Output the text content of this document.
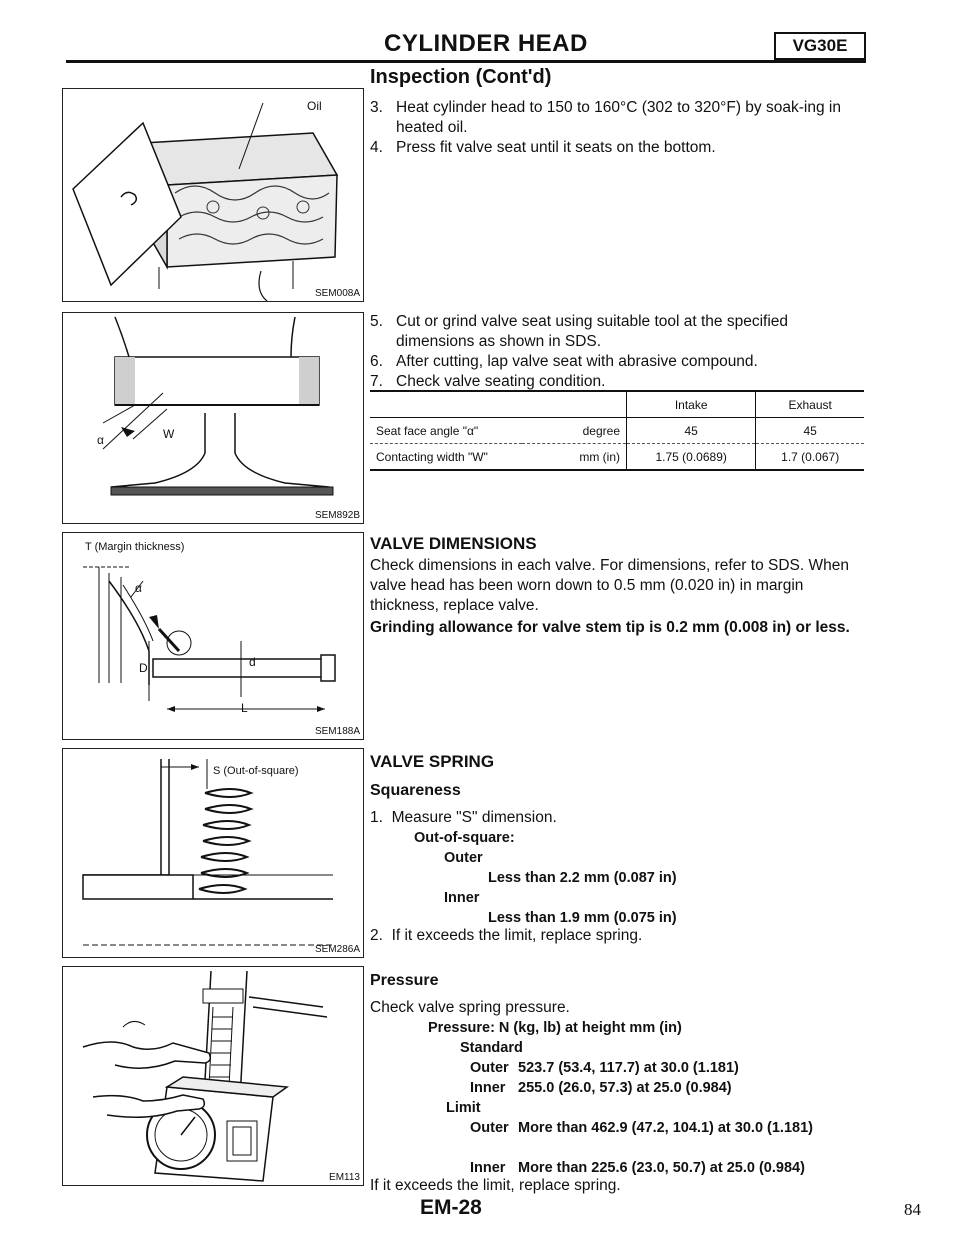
CYLINDER HEAD	VG30E
Inspection (Cont'd)
3. Heat cylinder head to 150 to 160°C (302 to 320°F) by soak-ing in heated oil.
4. Press fit valve seat until it seats on the bottom.
Oil
SEM008A
5. Cut or grind valve seat using suitable tool at the specified dimensions as shown in SDS.
6. After cutting, lap valve seat with abrasive compound.
7. Check valve seating condition.
		Intake	Exhaust
Seat face angle "α"	degree	45	45
Contacting width "W"	mm (in)	1.75 (0.0689)	1.7 (0.067)
α	W
SEM892B
VALVE DIMENSIONS

Check dimensions in each valve. For dimensions, refer to SDS. When valve head has been worn down to 0.5 mm (0.020 in) in margin thickness, replace valve.

Grinding allowance for valve stem tip is 0.2 mm (0.008 in) or less.

T (Margin thickness)
α
D	d
L
SEM188A
VALVE SPRING
Squareness
1. Measure "S" dimension.
Out-of-square:
Outer
Less than 2.2 mm (0.087 in)
Inner
Less than 1.9 mm (0.075 in)
2. If it exceeds the limit, replace spring.
S (Out-of-square)
SEM286A
Pressure
Check valve spring pressure.
Pressure: N (kg, lb) at height mm (in)
Standard
Outer 523.7 (53.4, 117.7) at 30.0 (1.181)
Inner 255.0 (26.0, 57.3) at 25.0 (0.984)
Limit
Outer More than 462.9 (47.2, 104.1) at 30.0 (1.181)
Inner More than 225.6 (23.0, 50.7) at 25.0 (0.984)
If it exceeds the limit, replace spring.
EM113
EM-28	84
